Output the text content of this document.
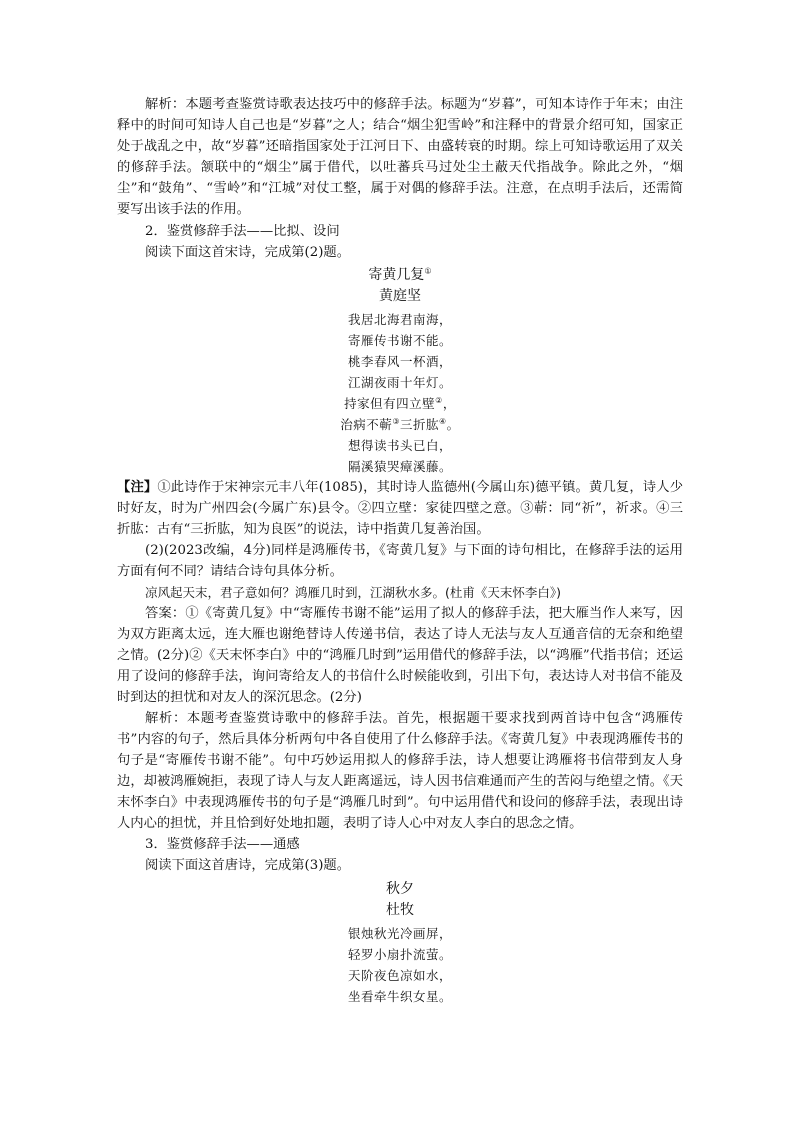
解析：本题考查鉴赏诗歌表达技巧中的修辞手法。标题为“岁暮”，可知本诗作于年末；由注释中的时间可知诗人自己也是“岁暮”之人；结合“烟尘犯雪岭”和注释中的背景介绍可知，国家正处于战乱之中，故“岁暮”还暗指国家处于江河日下、由盛转衰的时期。综上可知诗歌运用了双关的修辞手法。颔联中的“烟尘”属于借代，以吐蕃兵马过处尘土蔽天代指战争。除此之外，“烟尘”和“鼓角”、“雪岭”和“江城”对仗工整，属于对偶的修辞手法。注意，在点明手法后，还需简要写出该手法的作用。

2．鉴赏修辞手法——比拟、设问

阅读下面这首宋诗，完成第(2)题。

寄黄几复①

黄庭坚

我居北海君南海，

寄雁传书谢不能。

桃李春风一杯酒，

江湖夜雨十年灯。

持家但有四立壁②，

治病不蕲③三折肱④。

想得读书头已白，

隔溪猿哭瘴溪藤。

【注】①此诗作于宋神宗元丰八年(1085)，其时诗人监德州(今属山东)德平镇。黄几复，诗人少时好友，时为广州四会(今属广东)县令。②四立壁：家徒四壁之意。③蕲：同“祈”，祈求。④三折肱：古有“三折肱，知为良医”的说法，诗中指黄几复善治国。

(2)(2023改编，4分)同样是鸿雁传书，《寄黄几复》与下面的诗句相比，在修辞手法的运用方面有何不同？请结合诗句具体分析。

凉风起天末，君子意如何？鸿雁几时到，江湖秋水多。(杜甫《天末怀李白》)

答案：①《寄黄几复》中“寄雁传书谢不能”运用了拟人的修辞手法，把大雁当作人来写，因为双方距离太远，连大雁也谢绝替诗人传递书信，表达了诗人无法与友人互通音信的无奈和绝望之情。(2分)②《天末怀李白》中的“鸿雁几时到”运用借代的修辞手法，以“鸿雁”代指书信；还运用了设问的修辞手法，询问寄给友人的书信什么时候能收到，引出下句，表达诗人对书信不能及时到达的担忧和对友人的深沉思念。(2分)

解析：本题考查鉴赏诗歌中的修辞手法。首先，根据题干要求找到两首诗中包含“鸿雁传书”内容的句子，然后具体分析两句中各自使用了什么修辞手法。《寄黄几复》中表现鸿雁传书的句子是“寄雁传书谢不能”。句中巧妙运用拟人的修辞手法，诗人想要让鸿雁将书信带到友人身边，却被鸿雁婉拒，表现了诗人与友人距离遥远，诗人因书信难通而产生的苦闷与绝望之情。《天末怀李白》中表现鸿雁传书的句子是“鸿雁几时到”。句中运用借代和设问的修辞手法，表现出诗人内心的担忧，并且恰到好处地扣题，表明了诗人心中对友人李白的思念之情。

3．鉴赏修辞手法——通感

阅读下面这首唐诗，完成第(3)题。

秋夕

杜牧

银烛秋光冷画屏，

轻罗小扇扑流萤。

天阶夜色凉如水，

坐看牵牛织女星。
